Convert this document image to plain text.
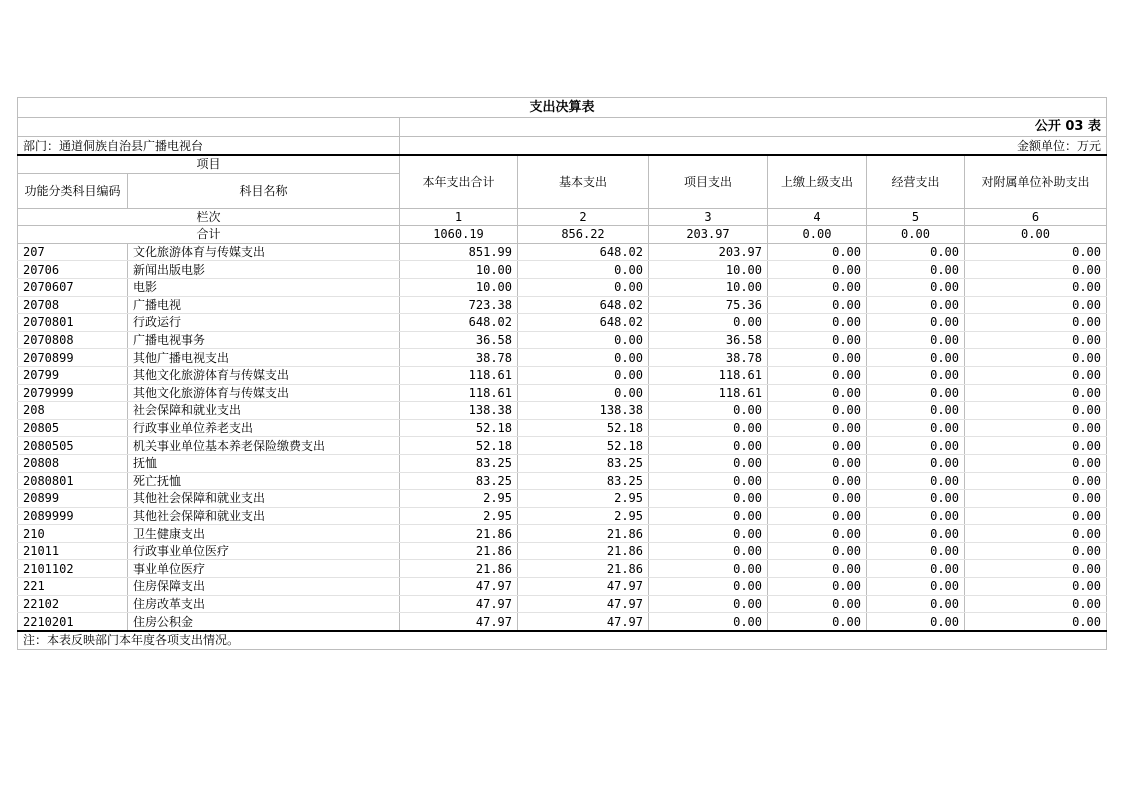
支出决算表							
		公开 03 表					
部门：通道侗族自治县广播电视台		金额单位：万元					
项目		本年支出合计	基本支出	项目支出	上缴上级支出	经营支出	对附属单位补助支出
功能分类科目编码	科目名称						
栏次		1	2	3	4	5	6
合计		1060.19	856.22	203.97	0.00	0.00	0.00
207	文化旅游体育与传媒支出	851.99	648.02	203.97	0.00	0.00	0.00
20706	新闻出版电影	10.00	0.00	10.00	0.00	0.00	0.00
2070607	电影	10.00	0.00	10.00	0.00	0.00	0.00
20708	广播电视	723.38	648.02	75.36	0.00	0.00	0.00
2070801	行政运行	648.02	648.02	0.00	0.00	0.00	0.00
2070808	广播电视事务	36.58	0.00	36.58	0.00	0.00	0.00
2070899	其他广播电视支出	38.78	0.00	38.78	0.00	0.00	0.00
20799	其他文化旅游体育与传媒支出	118.61	0.00	118.61	0.00	0.00	0.00
2079999	其他文化旅游体育与传媒支出	118.61	0.00	118.61	0.00	0.00	0.00
208	社会保障和就业支出	138.38	138.38	0.00	0.00	0.00	0.00
20805	行政事业单位养老支出	52.18	52.18	0.00	0.00	0.00	0.00
2080505	机关事业单位基本养老保险缴费支出	52.18	52.18	0.00	0.00	0.00	0.00
20808	抚恤	83.25	83.25	0.00	0.00	0.00	0.00
2080801	死亡抚恤	83.25	83.25	0.00	0.00	0.00	0.00
20899	其他社会保障和就业支出	2.95	2.95	0.00	0.00	0.00	0.00
2089999	其他社会保障和就业支出	2.95	2.95	0.00	0.00	0.00	0.00
210	卫生健康支出	21.86	21.86	0.00	0.00	0.00	0.00
21011	行政事业单位医疗	21.86	21.86	0.00	0.00	0.00	0.00
2101102	事业单位医疗	21.86	21.86	0.00	0.00	0.00	0.00
221	住房保障支出	47.97	47.97	0.00	0.00	0.00	0.00
22102	住房改革支出	47.97	47.97	0.00	0.00	0.00	0.00
2210201	住房公积金	47.97	47.97	0.00	0.00	0.00	0.00
注：本表反映部门本年度各项支出情况。							
